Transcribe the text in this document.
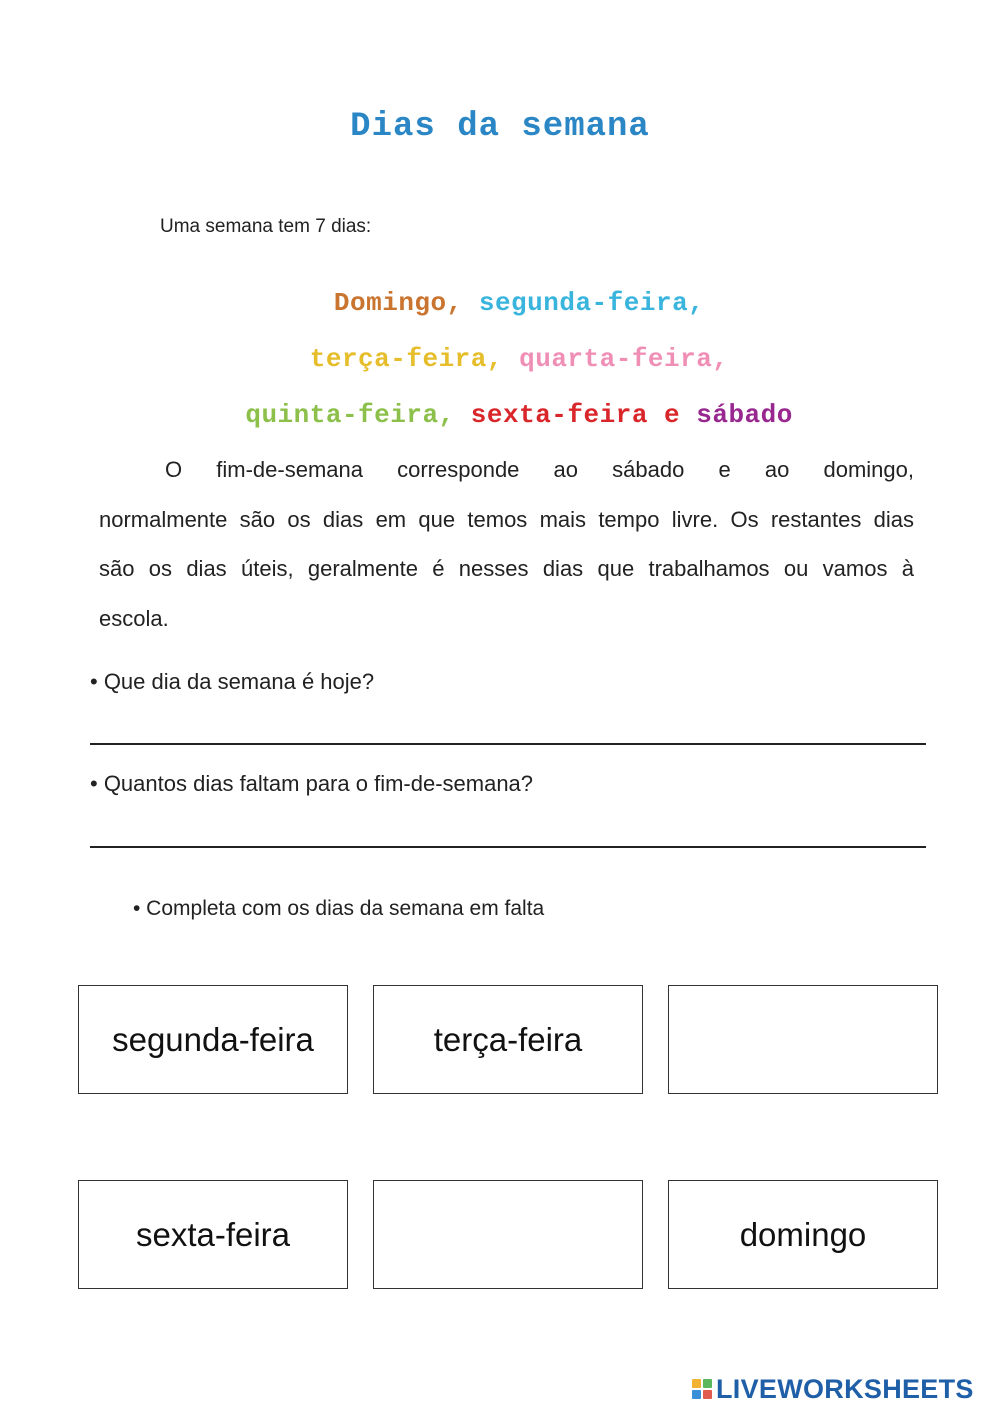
Dias da semana
Uma semana tem 7 dias:

Domingo, segunda-feira,

terça-feira, quarta-feira,

quinta-feira, sexta-feira e sábado

O fim-de-semana corresponde ao sábado e ao domingo,
normalmente são os dias em que temos mais tempo livre. Os restantes dias
são os dias úteis, geralmente é nesses dias que trabalhamos ou vamos à
escola.
• Que dia da semana é hoje?
• Quantos dias faltam para o fim-de-semana?
• Completa com os dias da semana em falta
segunda-feira	terça-feira
sexta-feira	domingo
LIVEWORKSHEETS
